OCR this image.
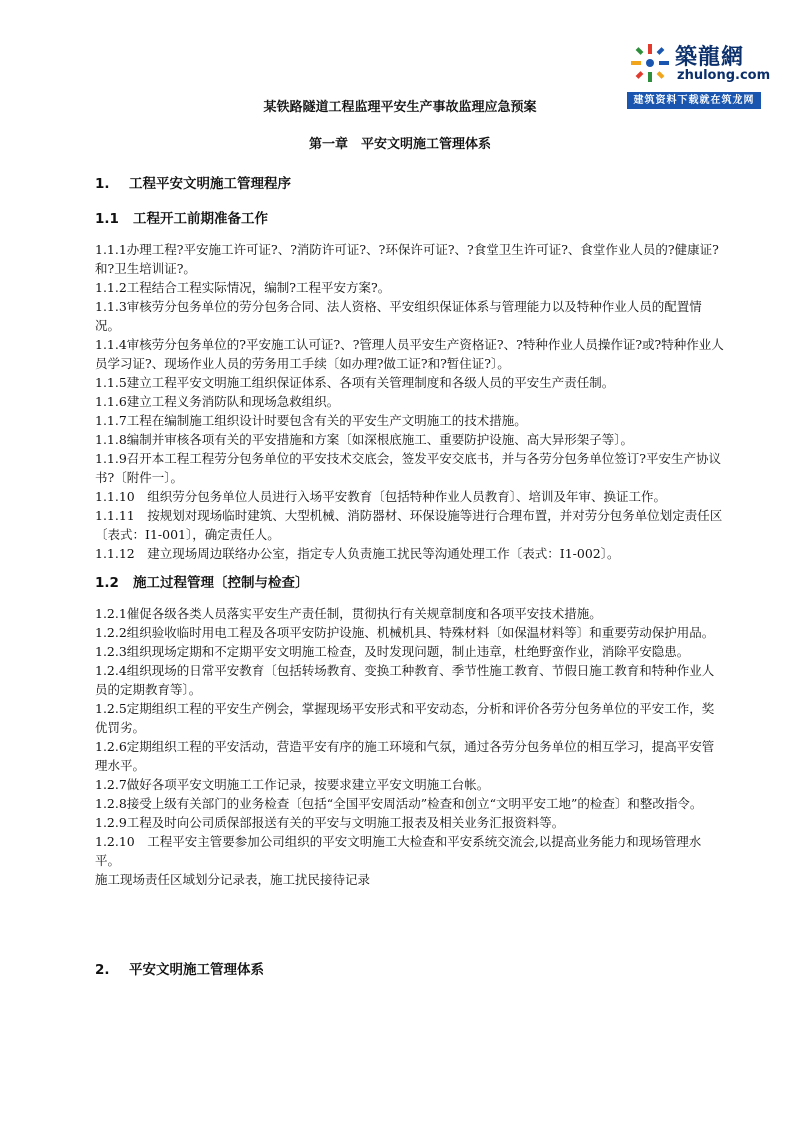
築龍網
zhulong.com
建筑资料下载就在筑龙网
某铁路隧道工程监理平安生产事故监理应急预案
第一章　平安文明施工管理体系
1. 工程平安文明施工管理程序
1.1 工程开工前期准备工作

1.1.1办理工程?平安施工许可证?、?消防许可证?、?环保许可证?、?食堂卫生许可证?、食堂作业人员的?健康证?和?卫生培训证?。

1.1.2工程结合工程实际情况，编制?工程平安方案?。

1.1.3审核劳分包务单位的劳分包务合同、法人资格、平安组织保证体系与管理能力以及特种作业人员的配置情况。

1.1.4审核劳分包务单位的?平安施工认可证?、?管理人员平安生产资格证?、?特种作业人员操作证?或?特种作业人员学习证?、现场作业人员的劳务用工手续〔如办理?做工证?和?暂住证?〕。

1.1.5建立工程平安文明施工组织保证体系、各项有关管理制度和各级人员的平安生产责任制。

1.1.6建立工程义务消防队和现场急救组织。

1.1.7工程在编制施工组织设计时要包含有关的平安生产文明施工的技术措施。

1.1.8编制并审核各项有关的平安措施和方案〔如深根底施工、重要防护设施、高大异形架子等〕。

1.1.9召开本工程工程劳分包务单位的平安技术交底会，签发平安交底书，并与各劳分包务单位签订?平安生产协议书?〔附件一〕。

1.1.10　组织劳分包务单位人员进行入场平安教育〔包括特种作业人员教育〕、培训及年审、换证工作。

1.1.11　按规划对现场临时建筑、大型机械、消防器材、环保设施等进行合理布置，并对劳分包务单位划定责任区〔表式：Ⅰ1-001〕，确定责任人。

1.1.12　建立现场周边联络办公室，指定专人负责施工扰民等沟通处理工作〔表式：Ⅰ1-002〕。

1.2 施工过程管理〔控制与检查〕

1.2.1催促各级各类人员落实平安生产责任制，贯彻执行有关规章制度和各项平安技术措施。

1.2.2组织验收临时用电工程及各项平安防护设施、机械机具、特殊材料〔如保温材料等〕和重要劳动保护用品。

1.2.3组织现场定期和不定期平安文明施工检查，及时发现问题，制止违章，杜绝野蛮作业，消除平安隐患。

1.2.4组织现场的日常平安教育〔包括转场教育、变换工种教育、季节性施工教育、节假日施工教育和特种作业人员的定期教育等〕。

1.2.5定期组织工程的平安生产例会，掌握现场平安形式和平安动态，分析和评价各劳分包务单位的平安工作，奖优罚劣。

1.2.6定期组织工程的平安活动，营造平安有序的施工环境和气氛，通过各劳分包务单位的相互学习，提高平安管理水平。

1.2.7做好各项平安文明施工工作记录，按要求建立平安文明施工台帐。

1.2.8接受上级有关部门的业务检查〔包括“全国平安周活动”检查和创立“文明平安工地”的检查〕和整改指令。

1.2.9工程及时向公司质保部报送有关的平安与文明施工报表及相关业务汇报资料等。

1.2.10　工程平安主管要参加公司组织的平安文明施工大检查和平安系统交流会,以提高业务能力和现场管理水平。

施工现场责任区域划分记录表，施工扰民接待记录

2. 平安文明施工管理体系
